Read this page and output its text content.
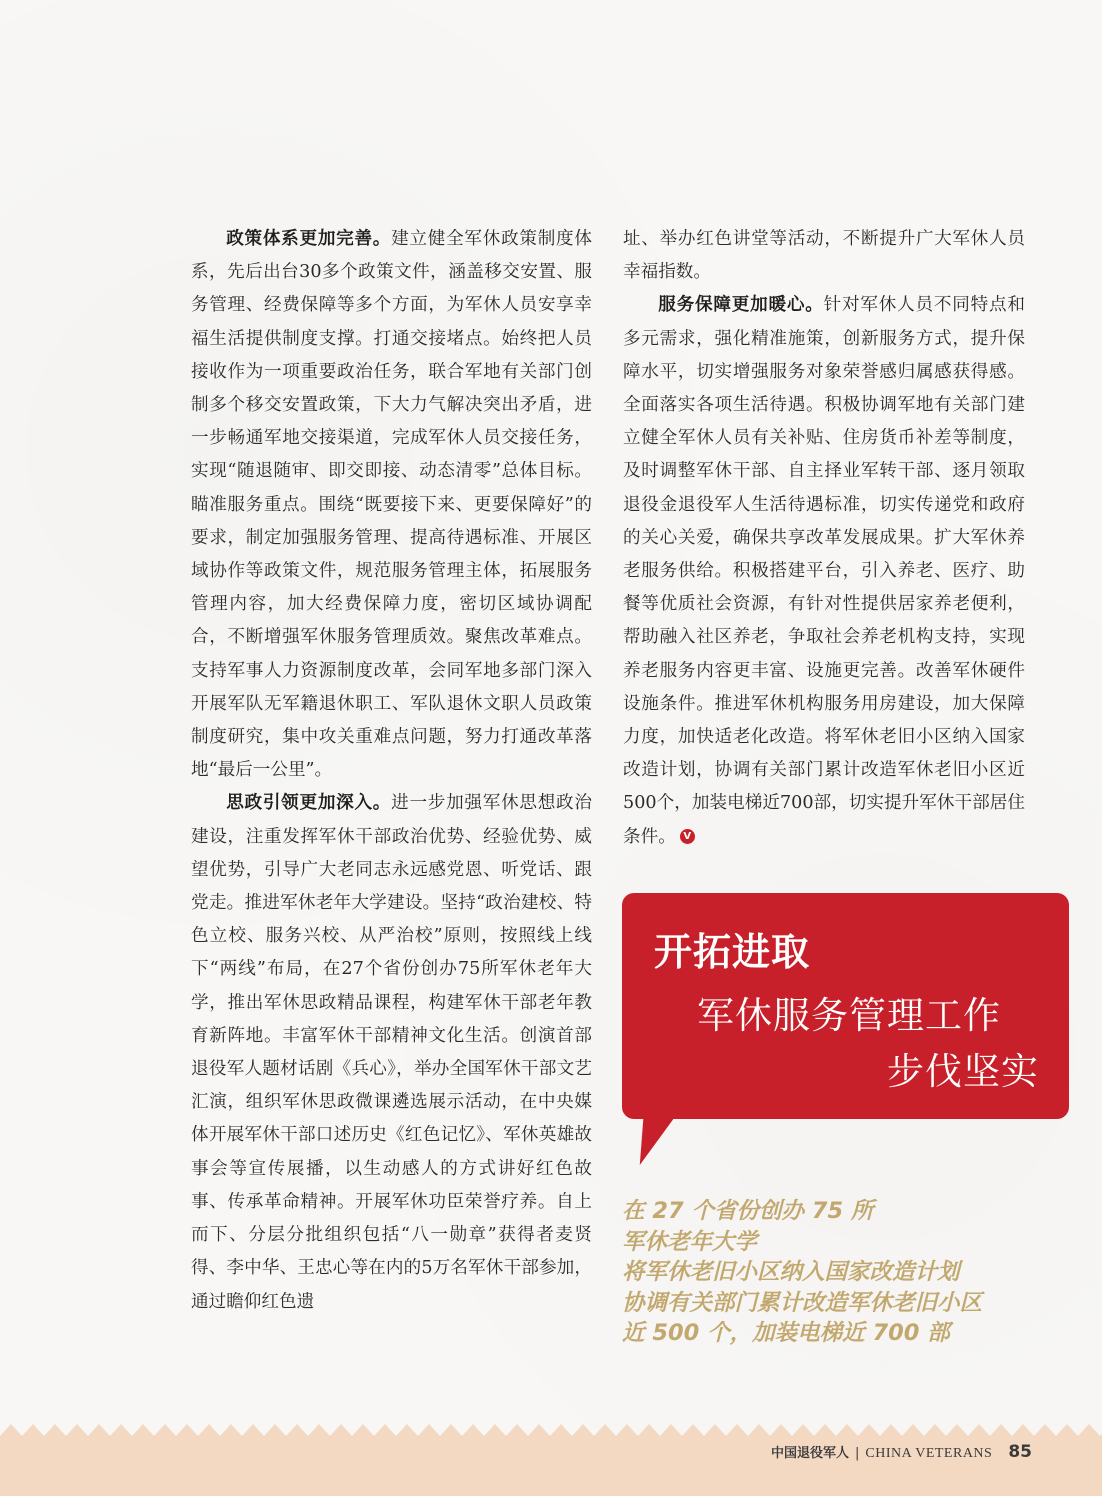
政策体系更加完善。建立健全军休政策制度体系，先后出台30多个政策文件，涵盖移交安置、服务管理、经费保障等多个方面，为军休人员安享幸福生活提供制度支撑。打通交接堵点。始终把人员接收作为一项重要政治任务，联合军地有关部门创制多个移交安置政策，下大力气解决突出矛盾，进一步畅通军地交接渠道，完成军休人员交接任务，实现“随退随审、即交即接、动态清零”总体目标。瞄准服务重点。围绕“既要接下来、更要保障好”的要求，制定加强服务管理、提高待遇标准、开展区域协作等政策文件，规范服务管理主体，拓展服务管理内容，加大经费保障力度，密切区域协调配合，不断增强军休服务管理质效。聚焦改革难点。支持军事人力资源制度改革，会同军地多部门深入开展军队无军籍退休职工、军队退休文职人员政策制度研究，集中攻关重难点问题，努力打通改革落地“最后一公里”。

思政引领更加深入。进一步加强军休思想政治建设，注重发挥军休干部政治优势、经验优势、威望优势，引导广大老同志永远感党恩、听党话、跟党走。推进军休老年大学建设。坚持“政治建校、特色立校、服务兴校、从严治校”原则，按照线上线下“两线”布局，在27个省份创办75所军休老年大学，推出军休思政精品课程，构建军休干部老年教育新阵地。丰富军休干部精神文化生活。创演首部退役军人题材话剧《兵心》，举办全国军休干部文艺汇演，组织军休思政微课遴选展示活动，在中央媒体开展军休干部口述历史《红色记忆》、军休英雄故事会等宣传展播，以生动感人的方式讲好红色故事、传承革命精神。开展军休功臣荣誉疗养。自上而下、分层分批组织包括“八一勋章”获得者麦贤得、李中华、王忠心等在内的5万名军休干部参加，通过瞻仰红色遗

址、举办红色讲堂等活动，不断提升广大军休人员幸福指数。

服务保障更加暖心。针对军休人员不同特点和多元需求，强化精准施策，创新服务方式，提升保障水平，切实增强服务对象荣誉感归属感获得感。全面落实各项生活待遇。积极协调军地有关部门建立健全军休人员有关补贴、住房货币补差等制度，及时调整军休干部、自主择业军转干部、逐月领取退役金退役军人生活待遇标准，切实传递党和政府的关心关爱，确保共享改革发展成果。扩大军休养老服务供给。积极搭建平台，引入养老、医疗、助餐等优质社会资源，有针对性提供居家养老便利，帮助融入社区养老，争取社会养老机构支持，实现养老服务内容更丰富、设施更完善。改善军休硬件设施条件。推进军休机构服务用房建设，加大保障力度，加快适老化改造。将军休老旧小区纳入国家改造计划，协调有关部门累计改造军休老旧小区近500个，加装电梯近700部，切实提升军休干部居住条件。 V

开拓进取
军休服务管理工作
步伐坚实
在 27 个省份创办 75 所
军休老年大学
将军休老旧小区纳入国家改造计划
协调有关部门累计改造军休老旧小区
近 500 个，加装电梯近 700 部
中国退役军人 | CHINA VETERANS 85
